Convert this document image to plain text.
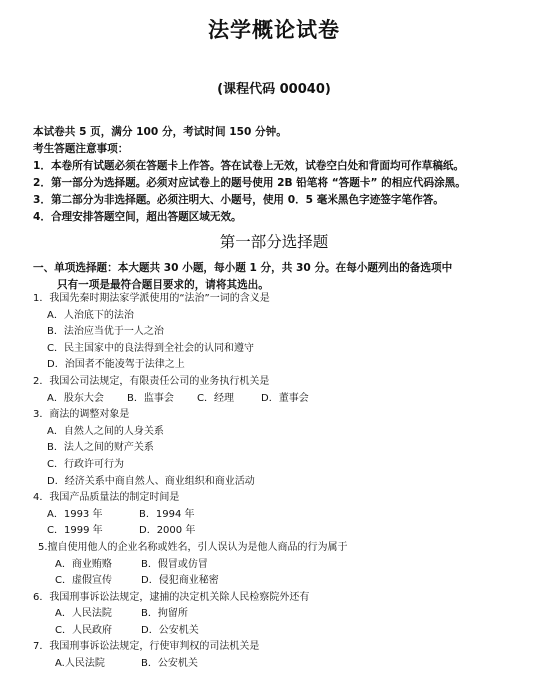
法学概论试卷
(课程代码 00040)
本试卷共 5 页，满分 100 分，考试时间 150 分钟。
考生答题注意事项：
1．本卷所有试题必须在答题卡上作答。答在试卷上无效，试卷空白处和背面均可作草稿纸。
2．第一部分为选择题。必须对应试卷上的题号使用 2B 铅笔将 “答题卡” 的相应代码涂黑。
3．第二部分为非选择题。必须注明大、小题号，使用 0．5 毫米黑色字迹签字笔作答。
4．合理安排答题空间，超出答题区域无效。
第一部分选择题
一、单项选择题：本大题共 30 小题，每小题 1 分，共 30 分。在每小题列出的备选项中
只有一项是最符合题目要求的，请将其选出。
1．我国先秦时期法家学派使用的“法治”一词的含义是
A．人治底下的法治
B．法治应当优于一人之治
C．民主国家中的良法得到全社会的认同和遵守
D．治国者不能凌驾于法律之上
2．我国公司法规定，有限责任公司的业务执行机关是
A．股东大会 B．监事会 C．经理	D．董事会
3．商法的调整对象是
A．自然人之间的人身关系
B．法人之间的财产关系
C．行政许可行为
D．经济关系中商自然人、商业组织和商业活动
4．我国产品质量法的制定时间是
A．1993 年	B．1994 年
C．1999 年	D．2000 年
5.擅自使用他人的企业名称或姓名，引人误认为是他人商品的行为属于
A．商业贿赂	B．假冒或仿冒
C．虚假宣传	D．侵犯商业秘密
6．我国刑事诉讼法规定，逮捕的决定机关除人民检察院外还有
A．人民法院	B．拘留所
C．人民政府	D．公安机关
7．我国刑事诉讼法规定，行使审判权的司法机关是
A.人民法院	B．公安机关
